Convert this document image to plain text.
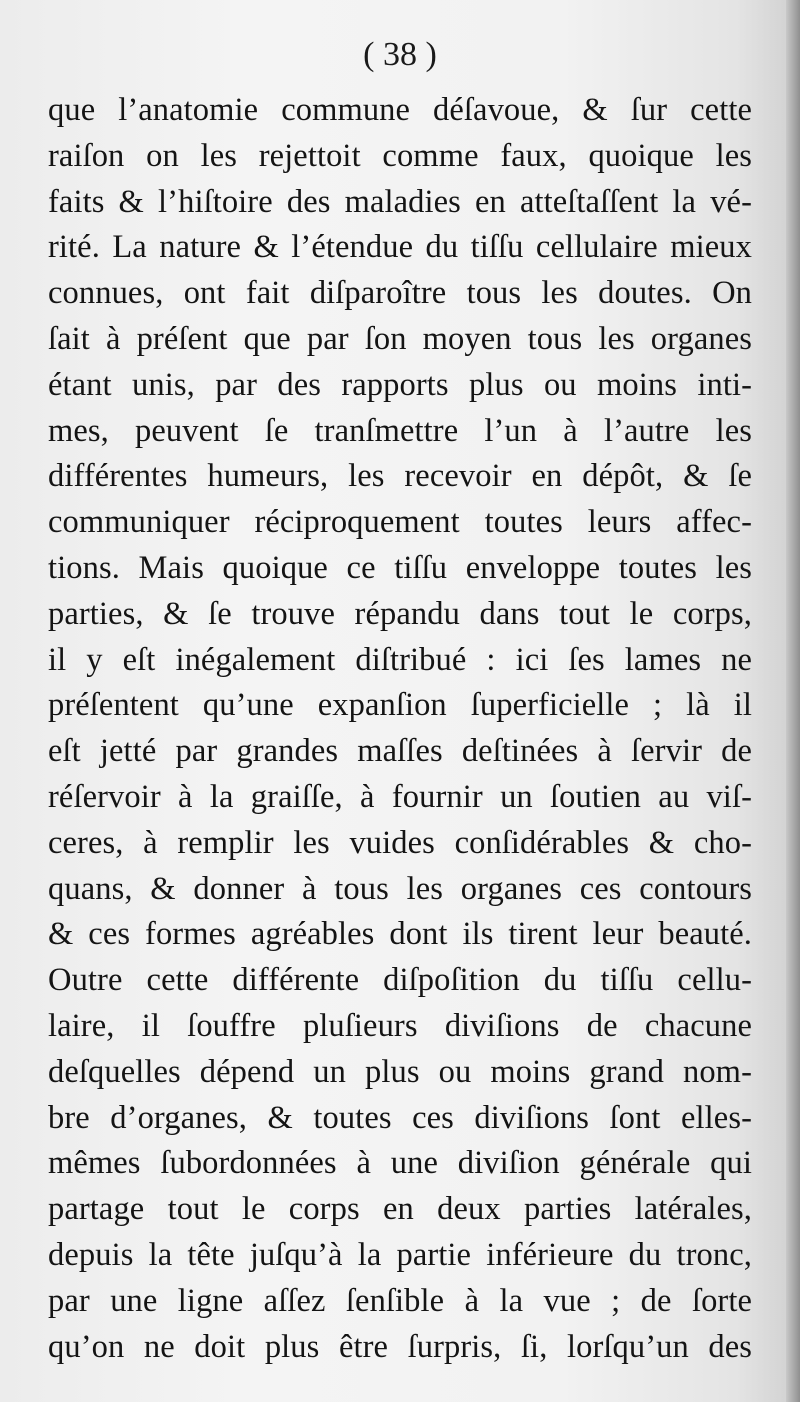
( 38 )

que l’anatomie commune déſavoue, & ſur cette
raiſon on les rejettoit comme faux, quoique les
faits & l’hiſtoire des maladies en atteſtaſſent la vé-
rité. La nature & l’étendue du tiſſu cellulaire mieux
connues, ont fait diſparoître tous les doutes. On
ſait à préſent que par ſon moyen tous les organes
étant unis, par des rapports plus ou moins inti-
mes, peuvent ſe tranſmettre l’un à l’autre les
différentes humeurs, les recevoir en dépôt, & ſe
communiquer réciproquement toutes leurs affec-
tions. Mais quoique ce tiſſu enveloppe toutes les
parties, & ſe trouve répandu dans tout le corps,
il y eſt inégalement diſtribué : ici ſes lames ne
préſentent qu’une expanſion ſuperficielle ; là il
eſt jetté par grandes maſſes deſtinées à ſervir de
réſervoir à la graiſſe, à fournir un ſoutien au viſ-
ceres, à remplir les vuides conſidérables & cho-
quans, & donner à tous les organes ces contours
& ces formes agréables dont ils tirent leur beauté.
Outre cette différente diſpoſition du tiſſu cellu-
laire, il ſouffre pluſieurs diviſions de chacune
deſquelles dépend un plus ou moins grand nom-
bre d’organes, & toutes ces diviſions ſont elles-
mêmes ſubordonnées à une diviſion générale qui
partage tout le corps en deux parties latérales,
depuis la tête juſqu’à la partie inférieure du tronc,
par une ligne aſſez ſenſible à la vue ; de ſorte
qu’on ne doit plus être ſurpris, ſi, lorſqu’un des
